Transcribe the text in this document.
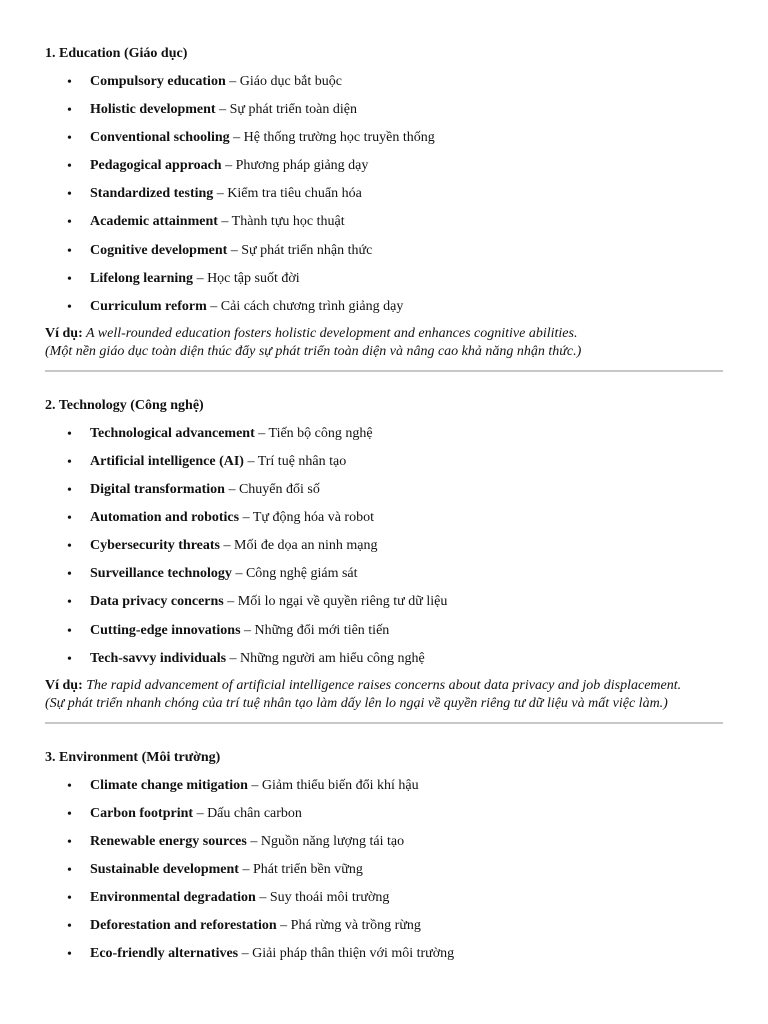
1. Education (Giáo dục)

• Compulsory education – Giáo dục bắt buộc
• Holistic development – Sự phát triển toàn diện
• Conventional schooling – Hệ thống trường học truyền thống
• Pedagogical approach – Phương pháp giảng dạy
• Standardized testing – Kiểm tra tiêu chuẩn hóa
• Academic attainment – Thành tựu học thuật
• Cognitive development – Sự phát triển nhận thức
• Lifelong learning – Học tập suốt đời
• Curriculum reform – Cải cách chương trình giảng dạy

Ví dụ: A well-rounded education fosters holistic development and enhances cognitive abilities.

(Một nền giáo dục toàn diện thúc đẩy sự phát triển toàn diện và nâng cao khả năng nhận thức.)

2. Technology (Công nghệ)

• Technological advancement – Tiến bộ công nghệ
• Artificial intelligence (AI) – Trí tuệ nhân tạo
• Digital transformation – Chuyển đổi số
• Automation and robotics – Tự động hóa và robot
• Cybersecurity threats – Mối đe dọa an ninh mạng
• Surveillance technology – Công nghệ giám sát
• Data privacy concerns – Mối lo ngại về quyền riêng tư dữ liệu
• Cutting-edge innovations – Những đổi mới tiên tiến
• Tech-savvy individuals – Những người am hiểu công nghệ

Ví dụ: The rapid advancement of artificial intelligence raises concerns about data privacy and job displacement.

(Sự phát triển nhanh chóng của trí tuệ nhân tạo làm dấy lên lo ngại về quyền riêng tư dữ liệu và mất việc làm.)

3. Environment (Môi trường)

• Climate change mitigation – Giảm thiểu biến đổi khí hậu
• Carbon footprint – Dấu chân carbon
• Renewable energy sources – Nguồn năng lượng tái tạo
• Sustainable development – Phát triển bền vững
• Environmental degradation – Suy thoái môi trường
• Deforestation and reforestation – Phá rừng và trồng rừng
• Eco-friendly alternatives – Giải pháp thân thiện với môi trường
